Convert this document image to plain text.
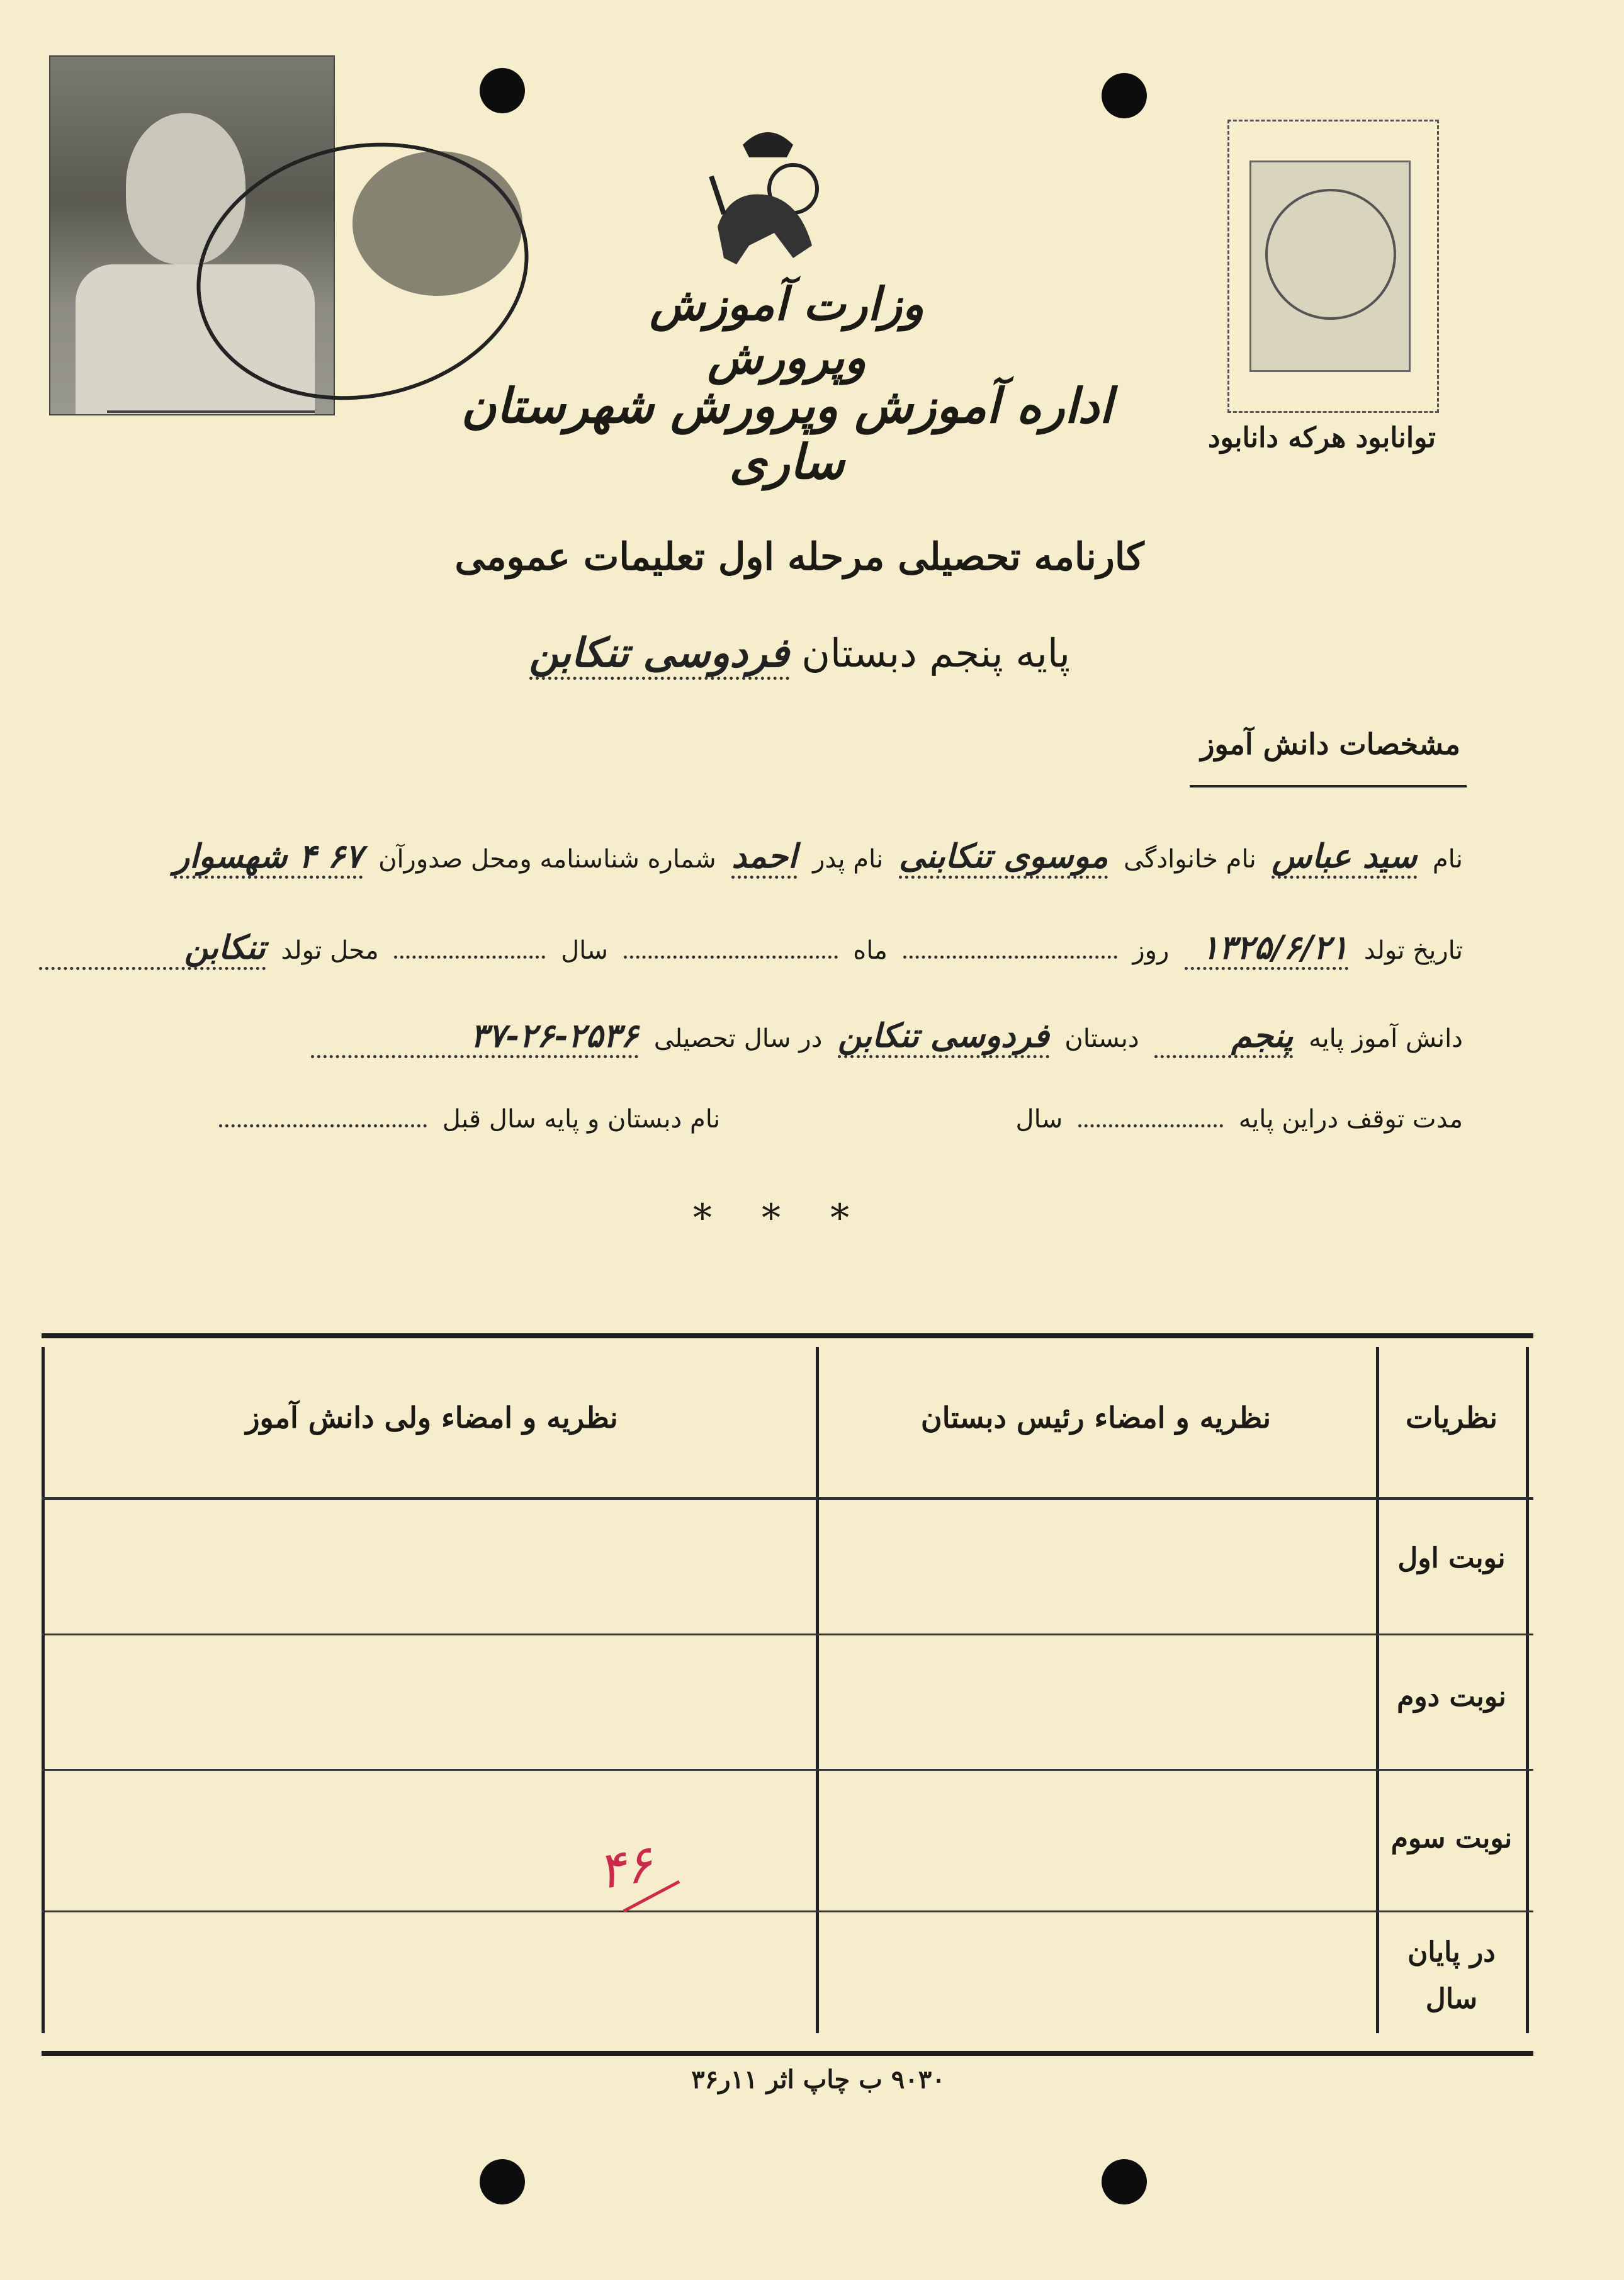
وزارت آموزش وپرورش
اداره آموزش وپرورش شهرستان ساری	توانابود هرکه دانابود
کارنامه تحصیلی مرحله اول تعلیمات عمومی
پایه پنجم دبستان فردوسی تنکابن
مشخصات دانش آموز
نام سید عباس نام خانوادگی موسوی تنکابنی نام پدر احمد شماره شناسنامه ومحل صدورآن ۶۷ ۴ شهسوار
تاریخ تولد ۱۳۲۵/۶/۲۱ روز  ماه  سال  محل تولد تنکابن
دانش آموز پایه پنجم دبستان فردوسی تنکابن در سال تحصیلی ۳۷-۲۶-۲۵۳۶
مدت توقف دراین پایه  سال  نام دبستان و پایه سال قبل
* * *
نظریات
نظریه و امضاء رئیس دبستان
نظریه و امضاء ولی دانش آموز
نوبت اول
نوبت دوم
نوبت سوم
در پایان سال
۴۶
۹۰۳۰ ب چاپ اثر ۱۱ر۳۶
